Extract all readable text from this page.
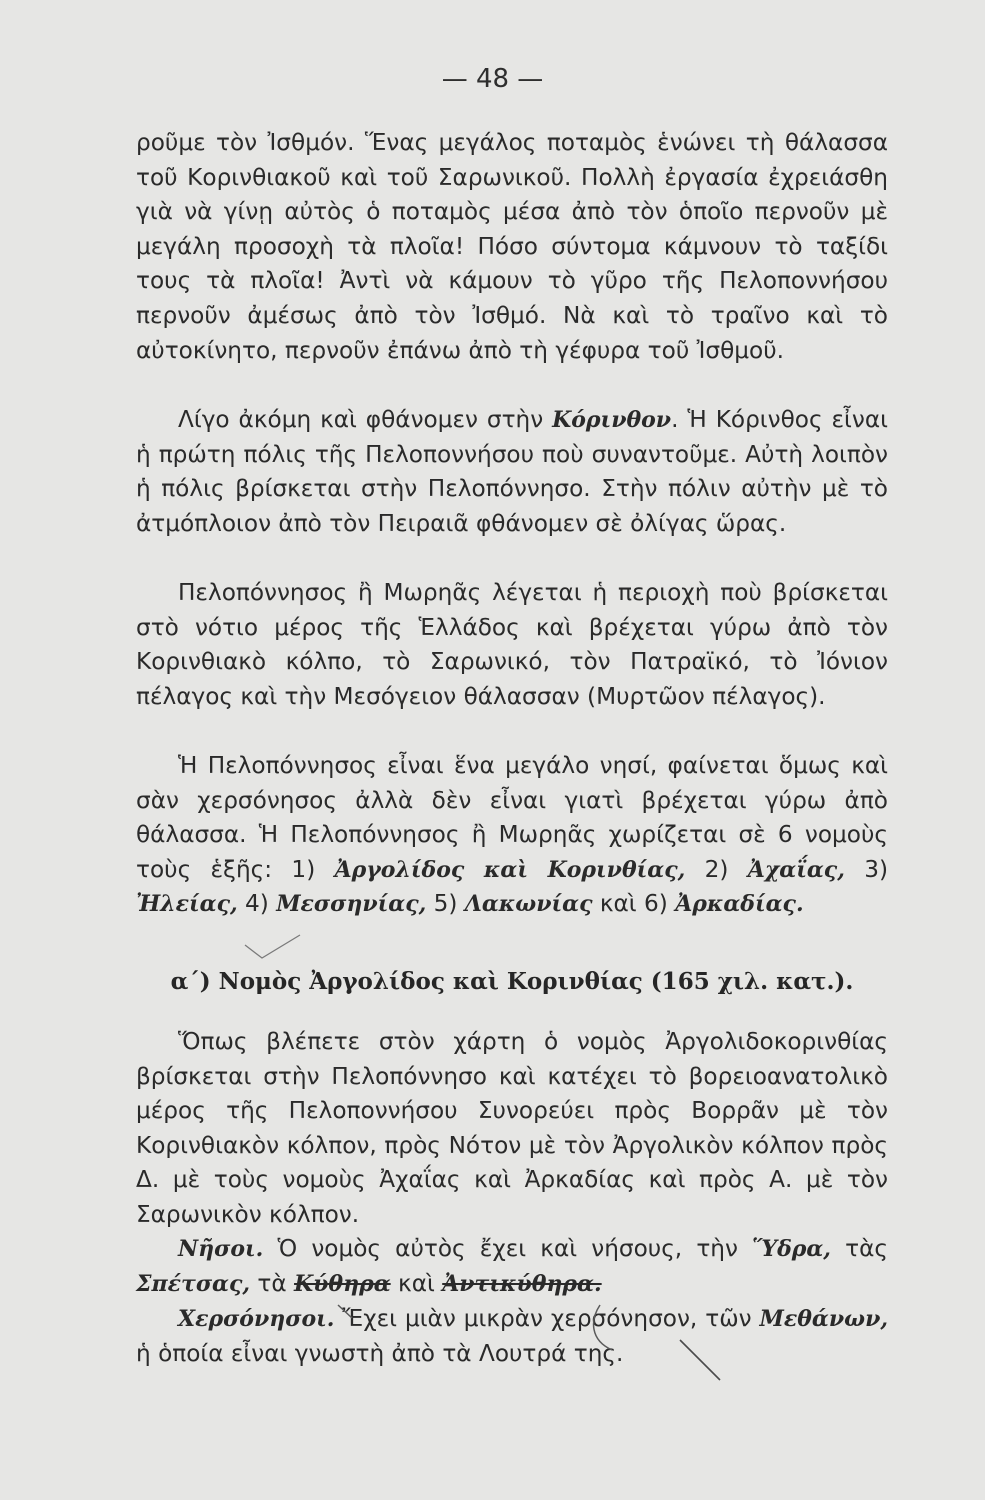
— 48 —

ροῦμε τὸν Ἰσθμόν. Ἕνας μεγάλος ποταμὸς ἑνώνει τὴ θάλασσα τοῦ Κορινθιακοῦ καὶ τοῦ Σαρωνικοῦ. Πολλὴ ἐργασία ἐχρειάσθη γιὰ νὰ γίνῃ αὐτὸς ὁ ποταμὸς μέσα ἀπὸ τὸν ὁποῖο περνοῦν μὲ μεγάλη προσοχὴ τὰ πλοῖα! Πόσο σύντομα κάμνουν τὸ ταξίδι τους τὰ πλοῖα! Ἀντὶ νὰ κάμουν τὸ γῦρο τῆς Πελοποννήσου περνοῦν ἀμέσως ἀπὸ τὸν Ἰσθμό. Νὰ καὶ τὸ τραῖνο καὶ τὸ αὐτοκίνητο, περνοῦν ἐπάνω ἀπὸ τὴ γέφυρα τοῦ Ἰσθμοῦ.

Λίγο ἀκόμη καὶ φθάνομεν στὴν Κόρινθον. Ἡ Κόρινθος εἶναι ἡ πρώτη πόλις τῆς Πελοποννήσου ποὺ συναντοῦμε. Αὐτὴ λοιπὸν ἡ πόλις βρίσκεται στὴν Πελοπόννησο. Στὴν πόλιν αὐτὴν μὲ τὸ ἀτμόπλοιον ἀπὸ τὸν Πειραιᾶ φθάνομεν σὲ ὀλίγας ὥρας.

Πελοπόννησος ἢ Μωρηᾶς λέγεται ἡ περιοχὴ ποὺ βρίσκεται στὸ νότιο μέρος τῆς Ἑλλάδος καὶ βρέχεται γύρω ἀπὸ τὸν Κορινθιακὸ κόλπο, τὸ Σαρωνικό, τὸν Πατραϊκό, τὸ Ἰόνιον πέλαγος καὶ τὴν Μεσόγειον θάλασσαν (Μυρτῶον πέλαγος).

Ἡ Πελοπόννησος εἶναι ἕνα μεγάλο νησί, φαίνεται ὅμως καὶ σὰν χερσόνησος ἀλλὰ δὲν εἶναι γιατὶ βρέχεται γύρω ἀπὸ θάλασσα. Ἡ Πελοπόννησος ἢ Μωρηᾶς χωρίζεται σὲ 6 νομοὺς τοὺς ἑξῆς: 1) Ἀργολίδος καὶ Κορινθίας, 2) Ἀχαΐας, 3) Ἠλείας, 4) Μεσσηνίας, 5) Λακωνίας καὶ 6) Ἀρκαδίας.

α΄) Νομὸς Ἀργολίδος καὶ Κορινθίας (165 χιλ. κατ.).

Ὅπως βλέπετε στὸν χάρτη ὁ νομὸς Ἀργολιδοκορινθίας βρίσκεται στὴν Πελοπόννησο καὶ κατέχει τὸ βορειοανατολικὸ μέρος τῆς Πελοποννήσου Συνορεύει πρὸς Βορρᾶν μὲ τὸν Κορινθιακὸν κόλπον, πρὸς Νότον μὲ τὸν Ἀργολικὸν κόλπον πρὸς Δ. μὲ τοὺς νομοὺς Ἀχαΐας καὶ Ἀρκαδίας καὶ πρὸς Α. μὲ τὸν Σαρωνικὸν κόλπον.

Νῆσοι. Ὁ νομὸς αὐτὸς ἔχει καὶ νήσους, τὴν Ὕδρα, τὰς Σπέτσας, τὰ Κύθηρα καὶ Ἀντικύθηρα.

Χερσόνησοι. Ἔχει μιὰν μικρὰν χερσόνησον, τῶν Μεθάνων, ἡ ὁποία εἶναι γνωστὴ ἀπὸ τὰ Λουτρά της.
